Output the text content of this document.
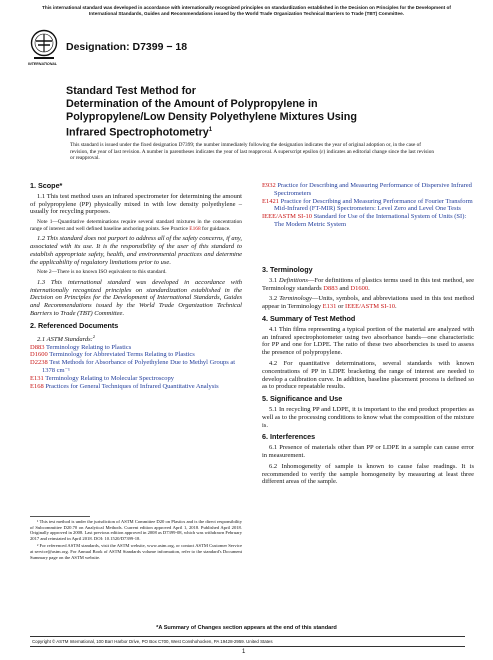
This international standard was developed in accordance with internationally recognized principles on standardization established in the Decision on Principles for the Development of International Standards, Guides and Recommendations issued by the World Trade Organization Technical Barriers to Trade (TBT) Committee.
INTERNATIONAL
Designation: D7399 − 18
Standard Test Method for
Determination of the Amount of Polypropylene in
Polypropylene/Low Density Polyethylene Mixtures Using
Infrared Spectrophotometry$^1$
This standard is issued under the fixed designation D7399; the number immediately following the designation indicates the year of original adoption or, in the case of revision, the year of last revision. A number in parentheses indicates the year of last reapproval. A superscript epsilon (ε) indicates an editorial change since the last revision or reapproval.
1. Scope*

1.1 This test method uses an infrared spectrometer for determining the amount of polypropylene (PP) physically mixed in with low density polyethylene – usually for recycling purposes.

Note 1—Quantitative determinations require several standard mixtures in the concentration range of interest and well defined baseline anchoring points. See Practice E168 for guidance.

1.2 This standard does not purport to address all of the safety concerns, if any, associated with its use. It is the responsibility of the user of this standard to establish appropriate safety, health, and environmental practices and determine the applicability of regulatory limitations prior to use.

Note 2—There is no known ISO equivalent to this standard.

1.3 This international standard was developed in accordance with internationally recognized principles on standardization established in the Decision on Principles for the Development of International Standards, Guides and Recommendations issued by the World Trade Organization Technical Barriers to Trade (TBT) Committee.

2. Referenced Documents

2.1 ASTM Standards:$^2$

D883 Terminology Relating to Plastics
D1600 Terminology for Abbreviated Terms Relating to Plastics
D2238 Test Methods for Absorbance of Polyethylene Due to Methyl Groups at 1378 cm⁻¹
E131 Terminology Relating to Molecular Spectroscopy
E168 Practices for General Techniques of Infrared Quantitative Analysis
E932 Practice for Describing and Measuring Performance of Dispersive Infrared Spectrometers
E1421 Practice for Describing and Measuring Performance of Fourier Transform Mid-Infrared (FT-MIR) Spectrometers: Level Zero and Level One Tests
IEEE/ASTM SI-10 Standard for Use of the International System of Units (SI): The Modern Metric System
3. Terminology

3.1 Definitions—For definitions of plastics terms used in this test method, see Terminology standards D883 and D1600.

3.2 Terminology—Units, symbols, and abbreviations used in this test method appear in Terminology E131 or IEEE/ASTM SI-10.

4. Summary of Test Method

4.1 Thin films representing a typical portion of the material are analyzed with an infrared spectrophotometer using two absorbance bands—one characteristic for PP and one for LDPE. The ratio of these two absorbencies is used to assess the presence of polypropylene.

4.2 For quantitative determinations, several standards with known concentrations of PP in LDPE bracketing the range of interest are needed to develop a calibration curve. In addition, baseline placement process is defined so as to produce repeatable results.

5. Significance and Use

5.1 In recycling PP and LDPE, it is important to the end product properties as well as to the processing conditions to know what the composition of the mixture is.

6. Interferences

6.1 Presence of materials other than PP or LDPE in a sample can cause error in measurement.

6.2 Inhomogeneity of sample is known to cause false readings. It is recommended to verify the sample homogeneity by measuring at least three different areas of the sample.

¹ This test method is under the jurisdiction of ASTM Committee D20 on Plastics and is the direct responsibility of Subcommittee D20.70 on Analytical Methods. Current edition approved April 1, 2018. Published April 2018. Originally approved in 2008. Last previous edition approved in 2008 as D7399-08, which was withdrawn February 2017 and reinstated in April 2018. DOI: 10.1520/D7399-18.
² For referenced ASTM standards, visit the ASTM website, www.astm.org, or contact ASTM Customer Service at service@astm.org. For Annual Book of ASTM Standards volume information, refer to the standard's Document Summary page on the ASTM website.
*A Summary of Changes section appears at the end of this standard
Copyright © ASTM International, 100 Barr Harbor Drive, PO Box C700, West Conshohocken, PA 19428-2959. United States
1
